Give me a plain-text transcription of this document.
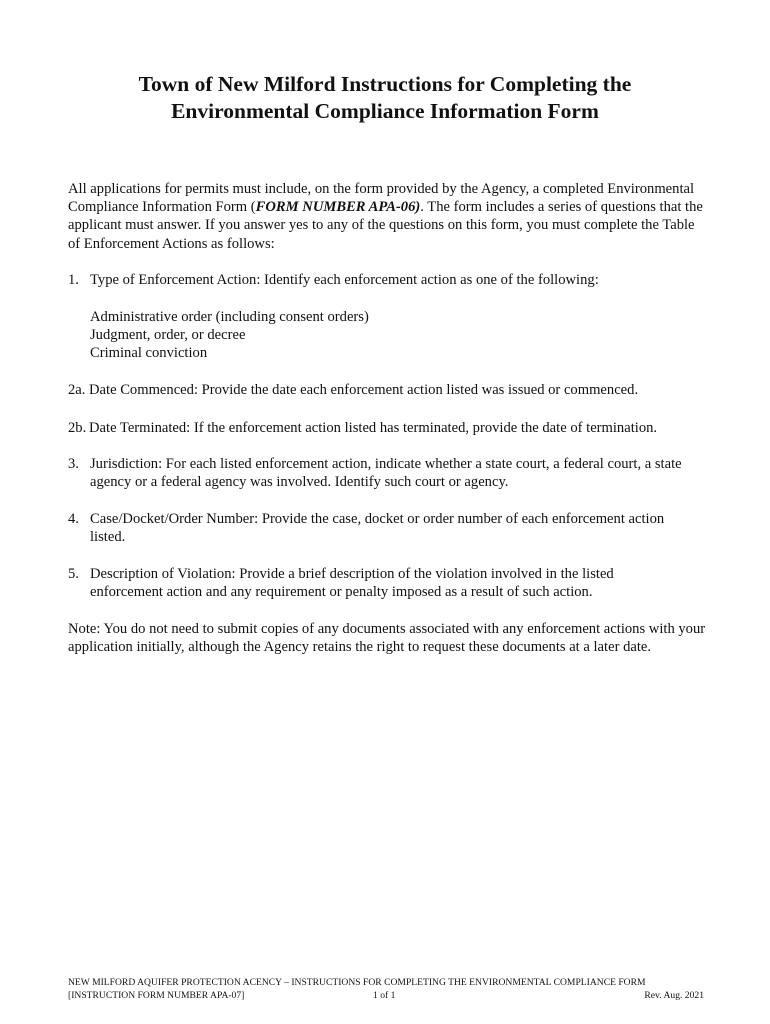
Town of New Milford Instructions for Completing the
Environmental Compliance Information Form
All applications for permits must include, on the form provided by the Agency, a completed Environmental Compliance Information Form (FORM NUMBER APA-06). The form includes a series of questions that the applicant must answer. If you answer yes to any of the questions on this form, you must complete the Table of Enforcement Actions as follows:
1. Type of Enforcement Action: Identify each enforcement action as one of the following:
Administrative order (including consent orders)
Judgment, order, or decree
Criminal conviction
2a. Date Commenced: Provide the date each enforcement action listed was issued or commenced.
2b. Date Terminated: If the enforcement action listed has terminated, provide the date of termination.
3. Jurisdiction: For each listed enforcement action, indicate whether a state court, a federal court, a state agency or a federal agency was involved. Identify such court or agency.
4. Case/Docket/Order Number: Provide the case, docket or order number of each enforcement action listed.
5. Description of Violation: Provide a brief description of the violation involved in the listed enforcement action and any requirement or penalty imposed as a result of such action.
Note: You do not need to submit copies of any documents associated with any enforcement actions with your application initially, although the Agency retains the right to request these documents at a later date.
NEW MILFORD AQUIFER PROTECTION ACENCY – INSTRUCTIONS FOR COMPLETING THE ENVIRONMENTAL COMPLIANCE FORM
[INSTRUCTION FORM NUMBER APA-07]	1 of 1	Rev. Aug. 2021
